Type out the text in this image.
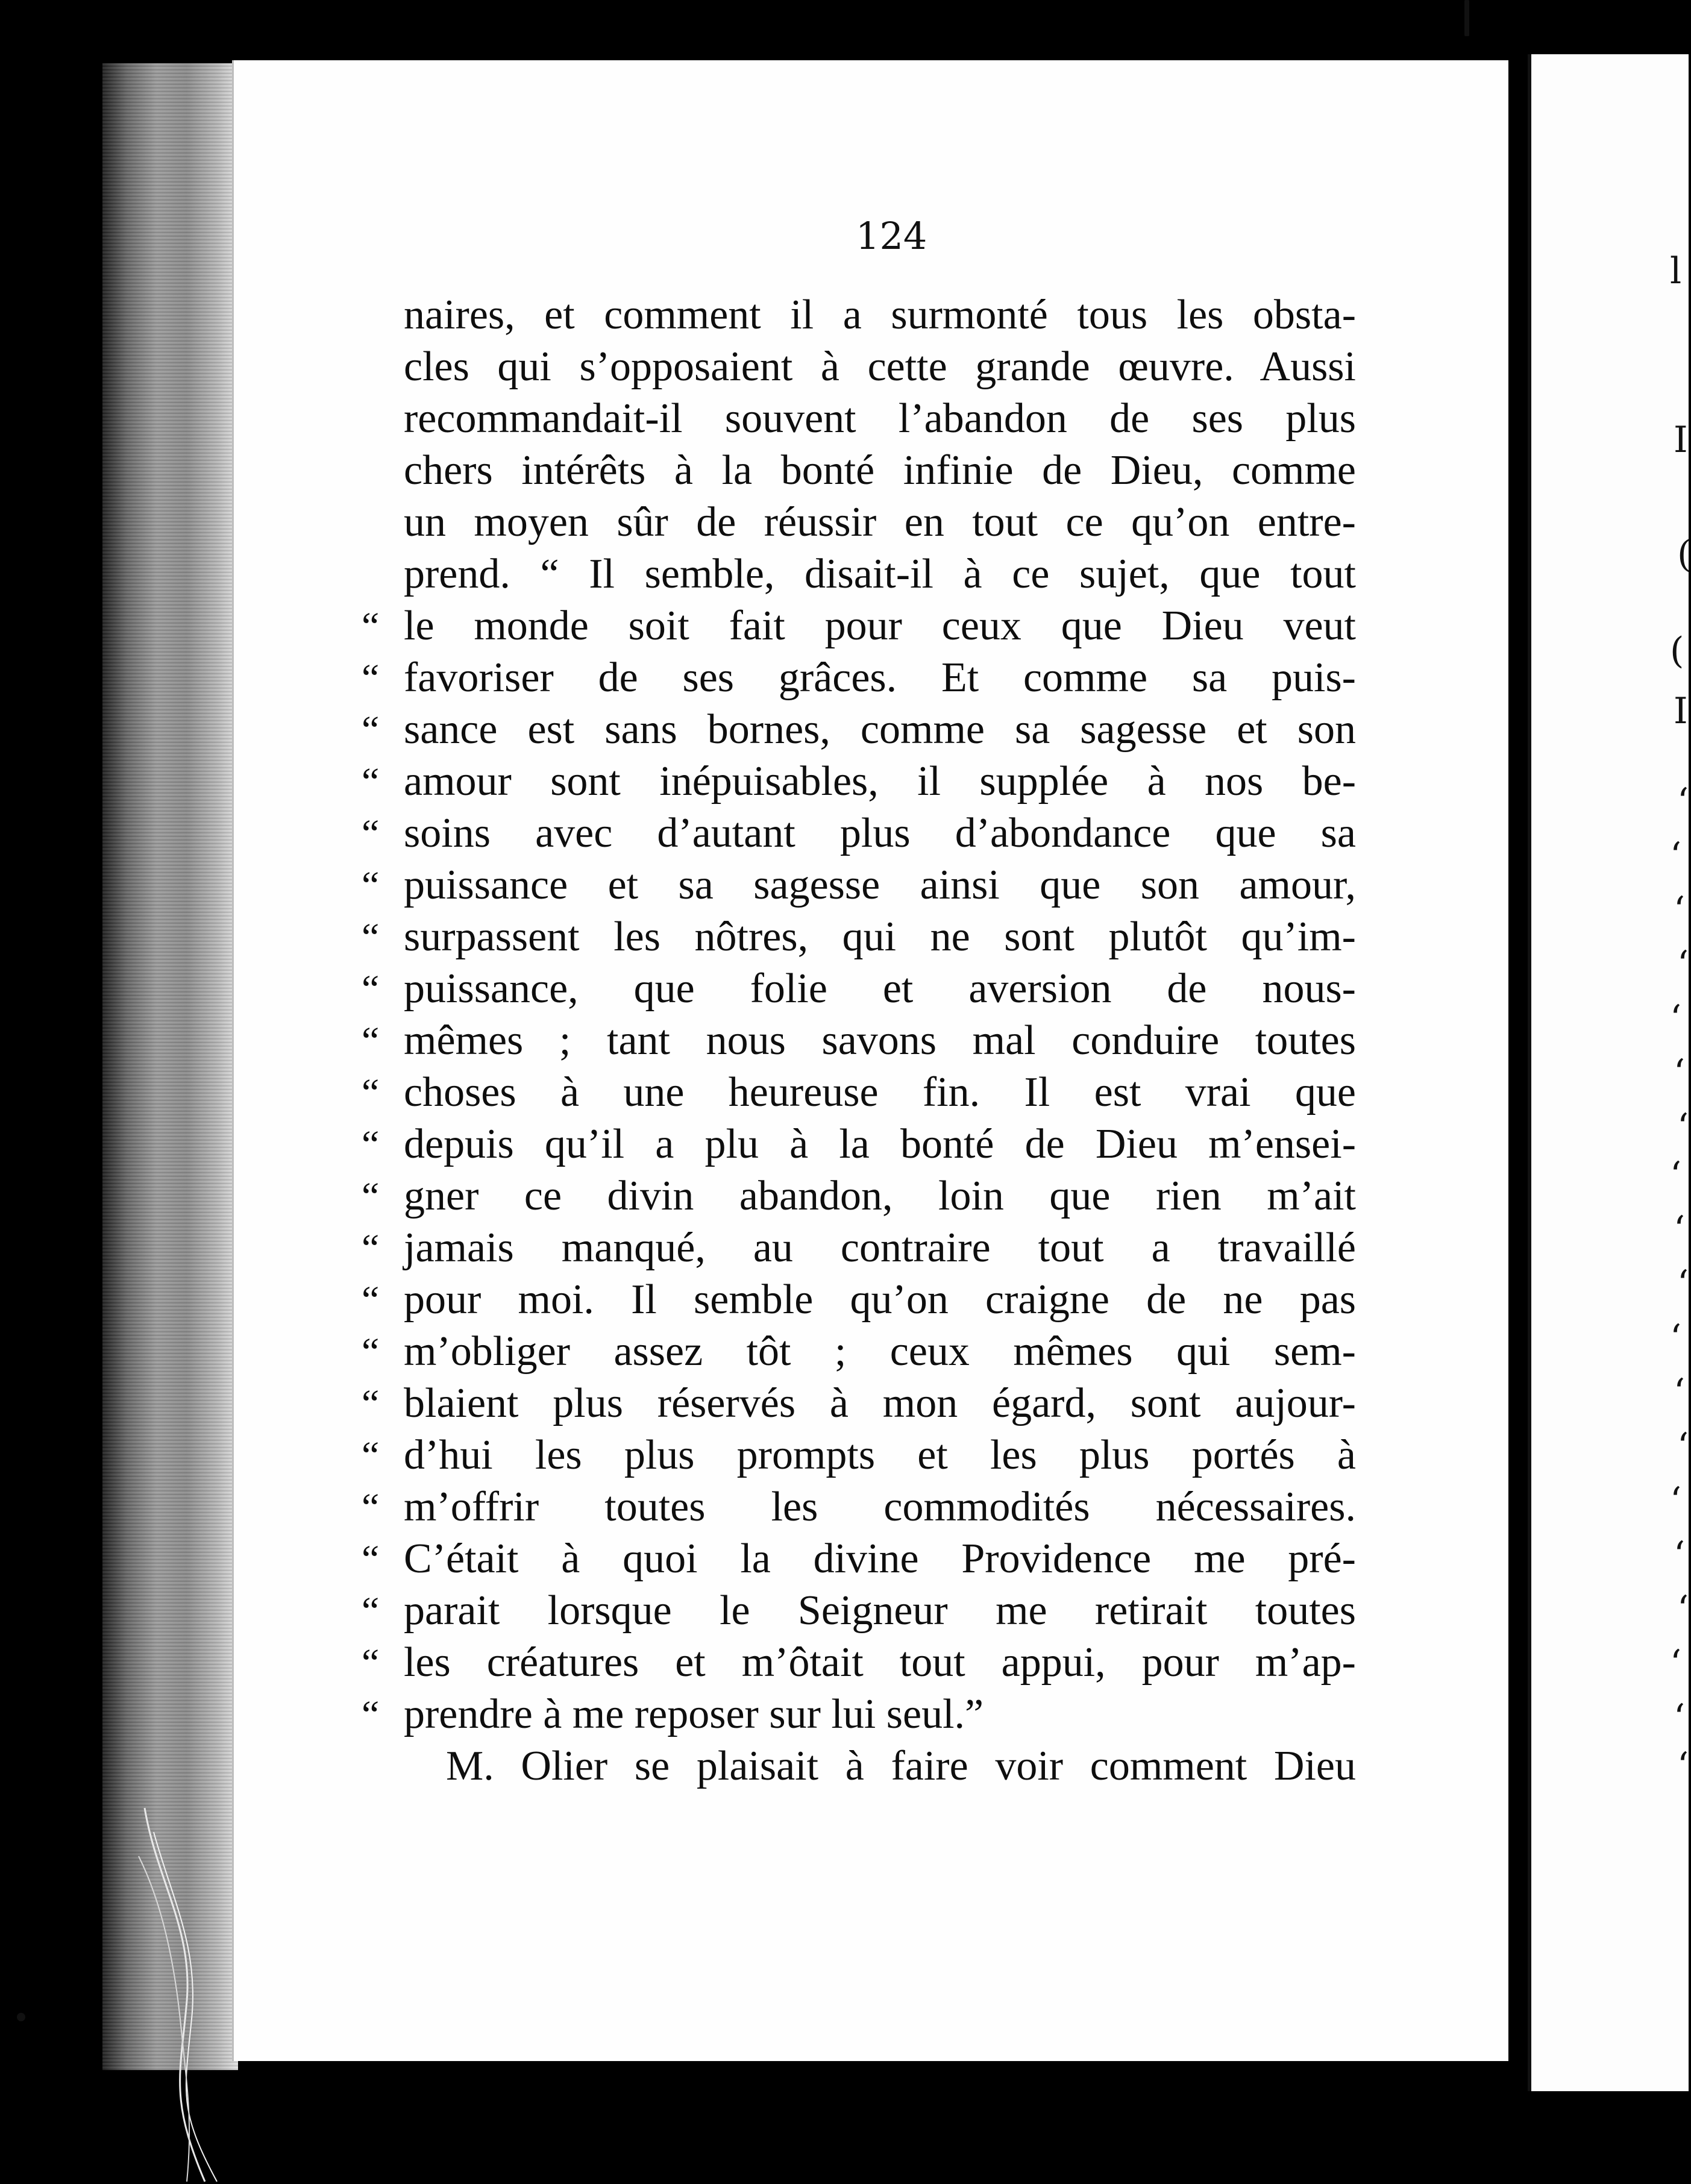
124
naires, et comment il a surmonté tous les obsta-
cles qui s’opposaient à cette grande œuvre. Aussi
recommandait-il souvent l’abandon de ses plus
chers intérêts à la bonté infinie de Dieu, comme
un moyen sûr de réussir en tout ce qu’on entre-
prend. “ Il semble, disait-il à ce sujet, que tout
“ le monde soit fait pour ceux que Dieu veut
“ favoriser de ses grâces. Et comme sa puis-
“ sance est sans bornes, comme sa sagesse et son
“ amour sont inépuisables, il supplée à nos be-
“ soins avec d’autant plus d’abondance que sa
“ puissance et sa sagesse ainsi que son amour,
“ surpassent les nôtres, qui ne sont plutôt qu’im-
“ puissance, que folie et aversion de nous-
“ mêmes ; tant nous savons mal conduire toutes
“ choses à une heureuse fin. Il est vrai que
“ depuis qu’il a plu à la bonté de Dieu m’ensei-
“ gner ce divin abandon, loin que rien m’ait
“ jamais manqué, au contraire tout a travaillé
“ pour moi. Il semble qu’on craigne de ne pas
“ m’obliger assez tôt ; ceux mêmes qui sem-
“ blaient plus réservés à mon égard, sont aujour-
“ d’hui les plus prompts et les plus portés à
“ m’offrir toutes les commodités nécessaires.
“ C’était à quoi la divine Providence me pré-
“ parait lorsque le Seigneur me retirait toutes
“ les créatures et m’ôtait tout appui, pour m’ap-
“ prendre à me reposer sur lui seul.”
M. Olier se plaisait à faire voir comment Dieu
l
I
(
(
I
‘
‘
‘
‘
‘
‘
‘
‘
‘
‘
‘
‘
‘
‘
‘
‘
‘
‘
‘
